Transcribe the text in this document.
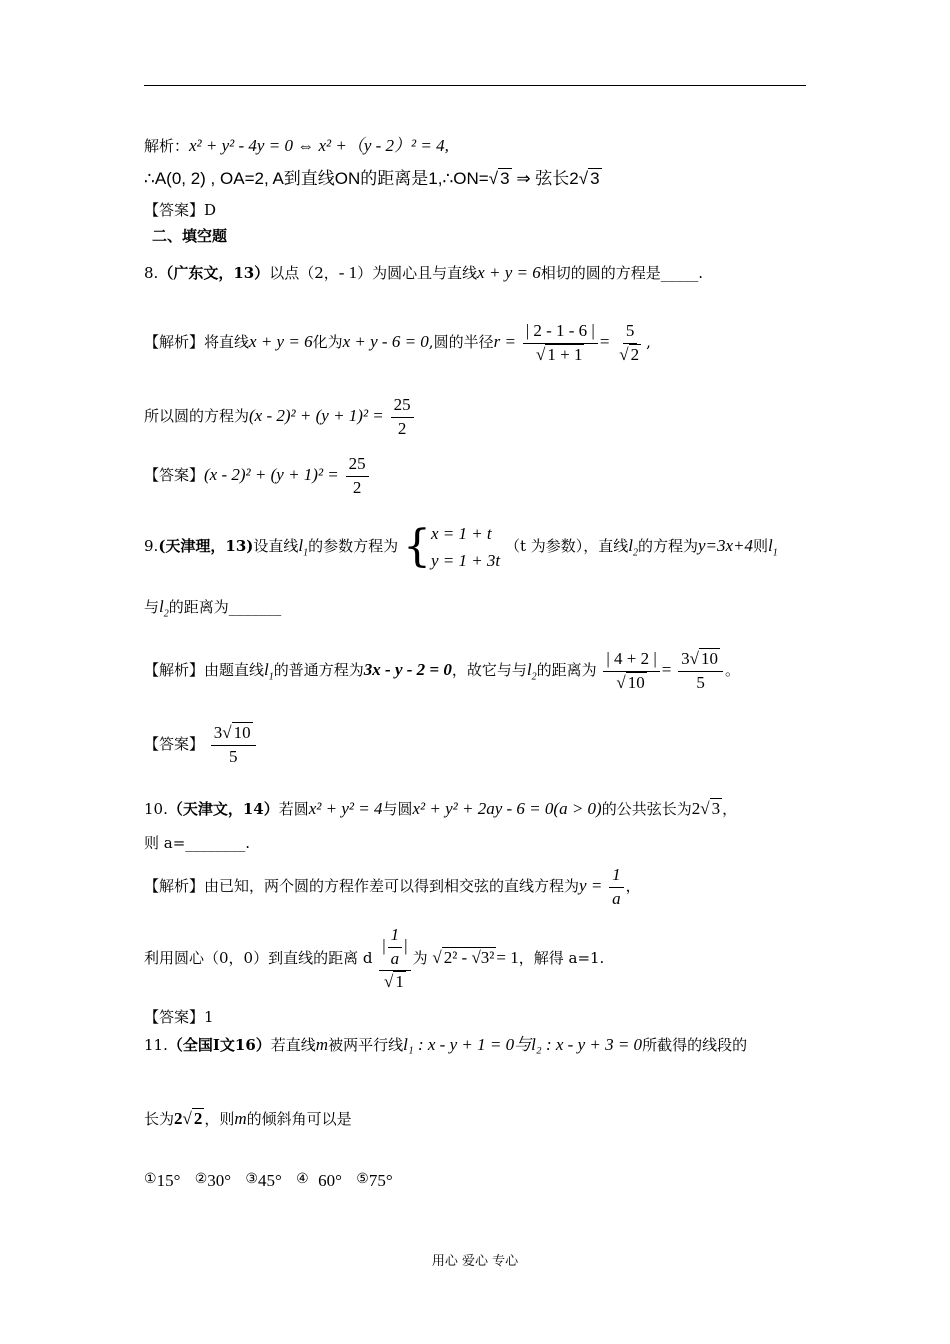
解析：x² + y² - 4y = 0 ⇔ x² +（y - 2）² = 4,
∴A(0, 2) , OA=2, A到直线ON的距离是1,∴ON=√ 3 ⇒ 弦长2√ 3
【答案】D
二、填空题
8.（广东文，13）以点（2，- 1）为圆心且与直线x + y = 6相切的圆的方程是_____.
【解析】将直线x + y = 6化为x + y - 6 = 0,圆的半径$r = \frac{| 2 - 1 - 6 |}{√ 1 + 1} = \frac{5}{√ 2}$ ,
所以圆的方程为$(x - 2)^2 + (y + 1)^2 = \frac{25}{2}$
【答案】$(x - 2)^2 + (y + 1)^2 = \frac{25}{2}$
9.(天津理，13)设直线$l_1$的参数方程为 { x = 1 + t
y = 1 + 3t
（t 为参数），直线$l_2$的方程为y=3x+4则$l_1$
与$l_2$的距离为_______
【解析】由题直线$l_1$的普通方程为3x - y - 2 = 0，故它与与$l_2$的距离为 $\frac{| 4 + 2 |}{√ 10} = \frac{3√ 10}{5}$ 。
【答案】 $\frac{3√ 10}{5}$
10.（天津文，14）若圆x² + y² = 4与圆x² + y² + 2ay - 6 = 0(a > 0)的公共弦长为2√ 3 ，
则 a=________.
【解析】由已知，两个圆的方程作差可以得到相交弦的直线方程为$y = \frac{1}{a}$ ，
利用圆心（0，0）到直线的距离 d $\frac{| \frac{1}{a} |}{√ 1}$ 为 √ 2² - √3² = 1，解得 a=1.
【答案】1
11.（全国Ⅰ文16）若直线m被两平行线l₁ : x - y + 1 = 0与l₂ : x - y + 3 = 0所截得的线段的
长为2√ 2 ，则m的倾斜角可以是
①15° ②30° ③45° ④ 60° ⑤75°
用心 爱心 专心
